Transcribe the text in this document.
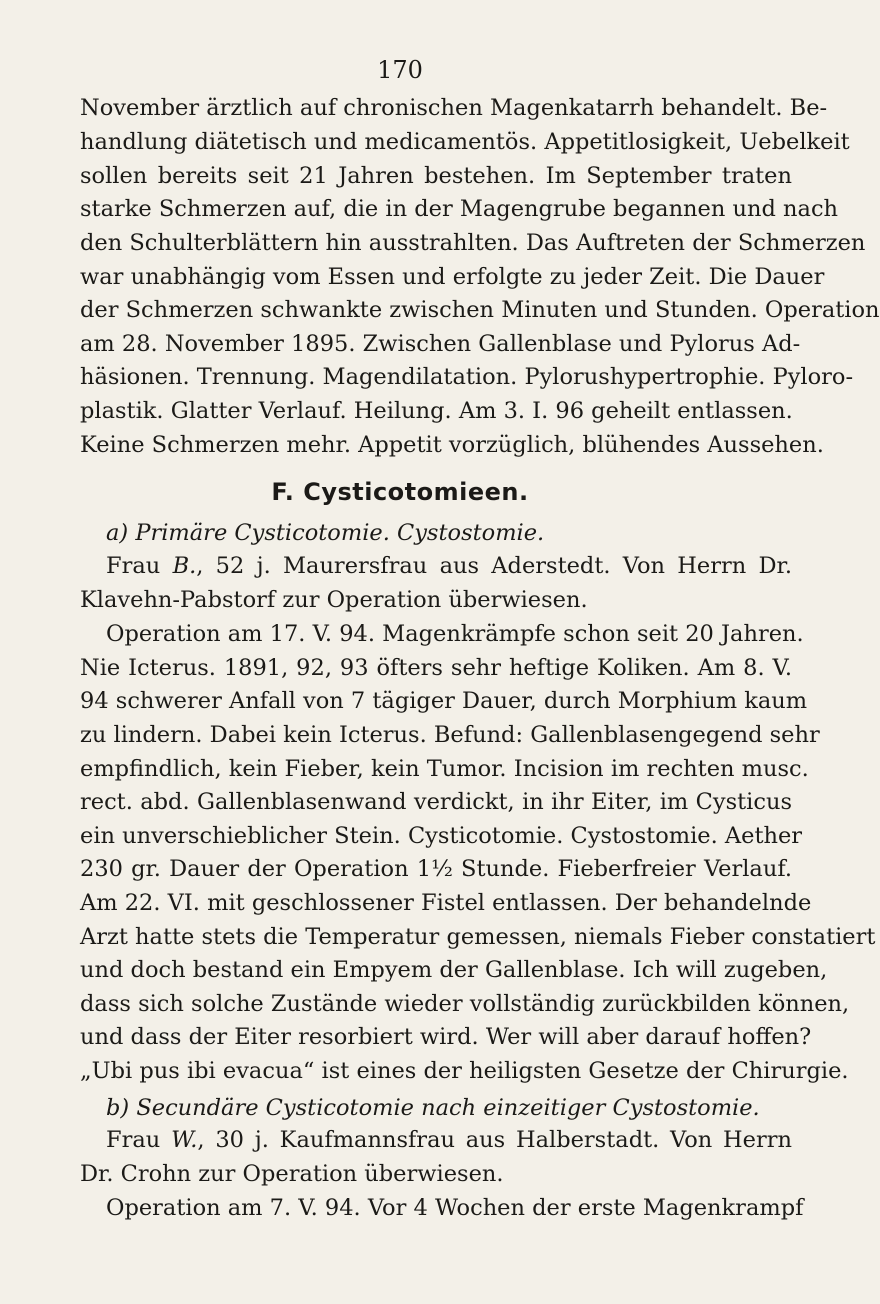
170
November ärztlich auf chronischen Magenkatarrh behandelt. Be-
handlung diätetisch und medicamentös. Appetitlosigkeit, Uebelkeit
sollen bereits seit 21 Jahren bestehen. Im September traten
starke Schmerzen auf, die in der Magengrube begannen und nach
den Schulterblättern hin ausstrahlten. Das Auftreten der Schmerzen
war unabhängig vom Essen und erfolgte zu jeder Zeit. Die Dauer
der Schmerzen schwankte zwischen Minuten und Stunden. Operation
am 28. November 1895. Zwischen Gallenblase und Pylorus Ad-
häsionen. Trennung. Magendilatation. Pylorushypertrophie. Pyloro-
plastik. Glatter Verlauf. Heilung. Am 3. I. 96 geheilt entlassen.
Keine Schmerzen mehr. Appetit vorzüglich, blühendes Aussehen.
F. Cysticotomieen.
a) Primäre Cysticotomie. Cystostomie.
Frau B., 52 j. Maurersfrau aus Aderstedt. Von Herrn Dr.
Klavehn-Pabstorf zur Operation überwiesen.
Operation am 17. V. 94. Magenkrämpfe schon seit 20 Jahren.
Nie Icterus. 1891, 92, 93 öfters sehr heftige Koliken. Am 8. V.
94 schwerer Anfall von 7 tägiger Dauer, durch Morphium kaum
zu lindern. Dabei kein Icterus. Befund: Gallenblasengegend sehr
empfindlich, kein Fieber, kein Tumor. Incision im rechten musc.
rect. abd. Gallenblasenwand verdickt, in ihr Eiter, im Cysticus
ein unverschieblicher Stein. Cysticotomie. Cystostomie. Aether
230 gr. Dauer der Operation 1½ Stunde. Fieberfreier Verlauf.
Am 22. VI. mit geschlossener Fistel entlassen. Der behandelnde
Arzt hatte stets die Temperatur gemessen, niemals Fieber constatiert
und doch bestand ein Empyem der Gallenblase. Ich will zugeben,
dass sich solche Zustände wieder vollständig zurückbilden können,
und dass der Eiter resorbiert wird. Wer will aber darauf hoffen?
„Ubi pus ibi evacua“ ist eines der heiligsten Gesetze der Chirurgie.
b) Secundäre Cysticotomie nach einzeitiger Cystostomie.
Frau W., 30 j. Kaufmannsfrau aus Halberstadt. Von Herrn
Dr. Crohn zur Operation überwiesen.
Operation am 7. V. 94. Vor 4 Wochen der erste Magenkrampf
